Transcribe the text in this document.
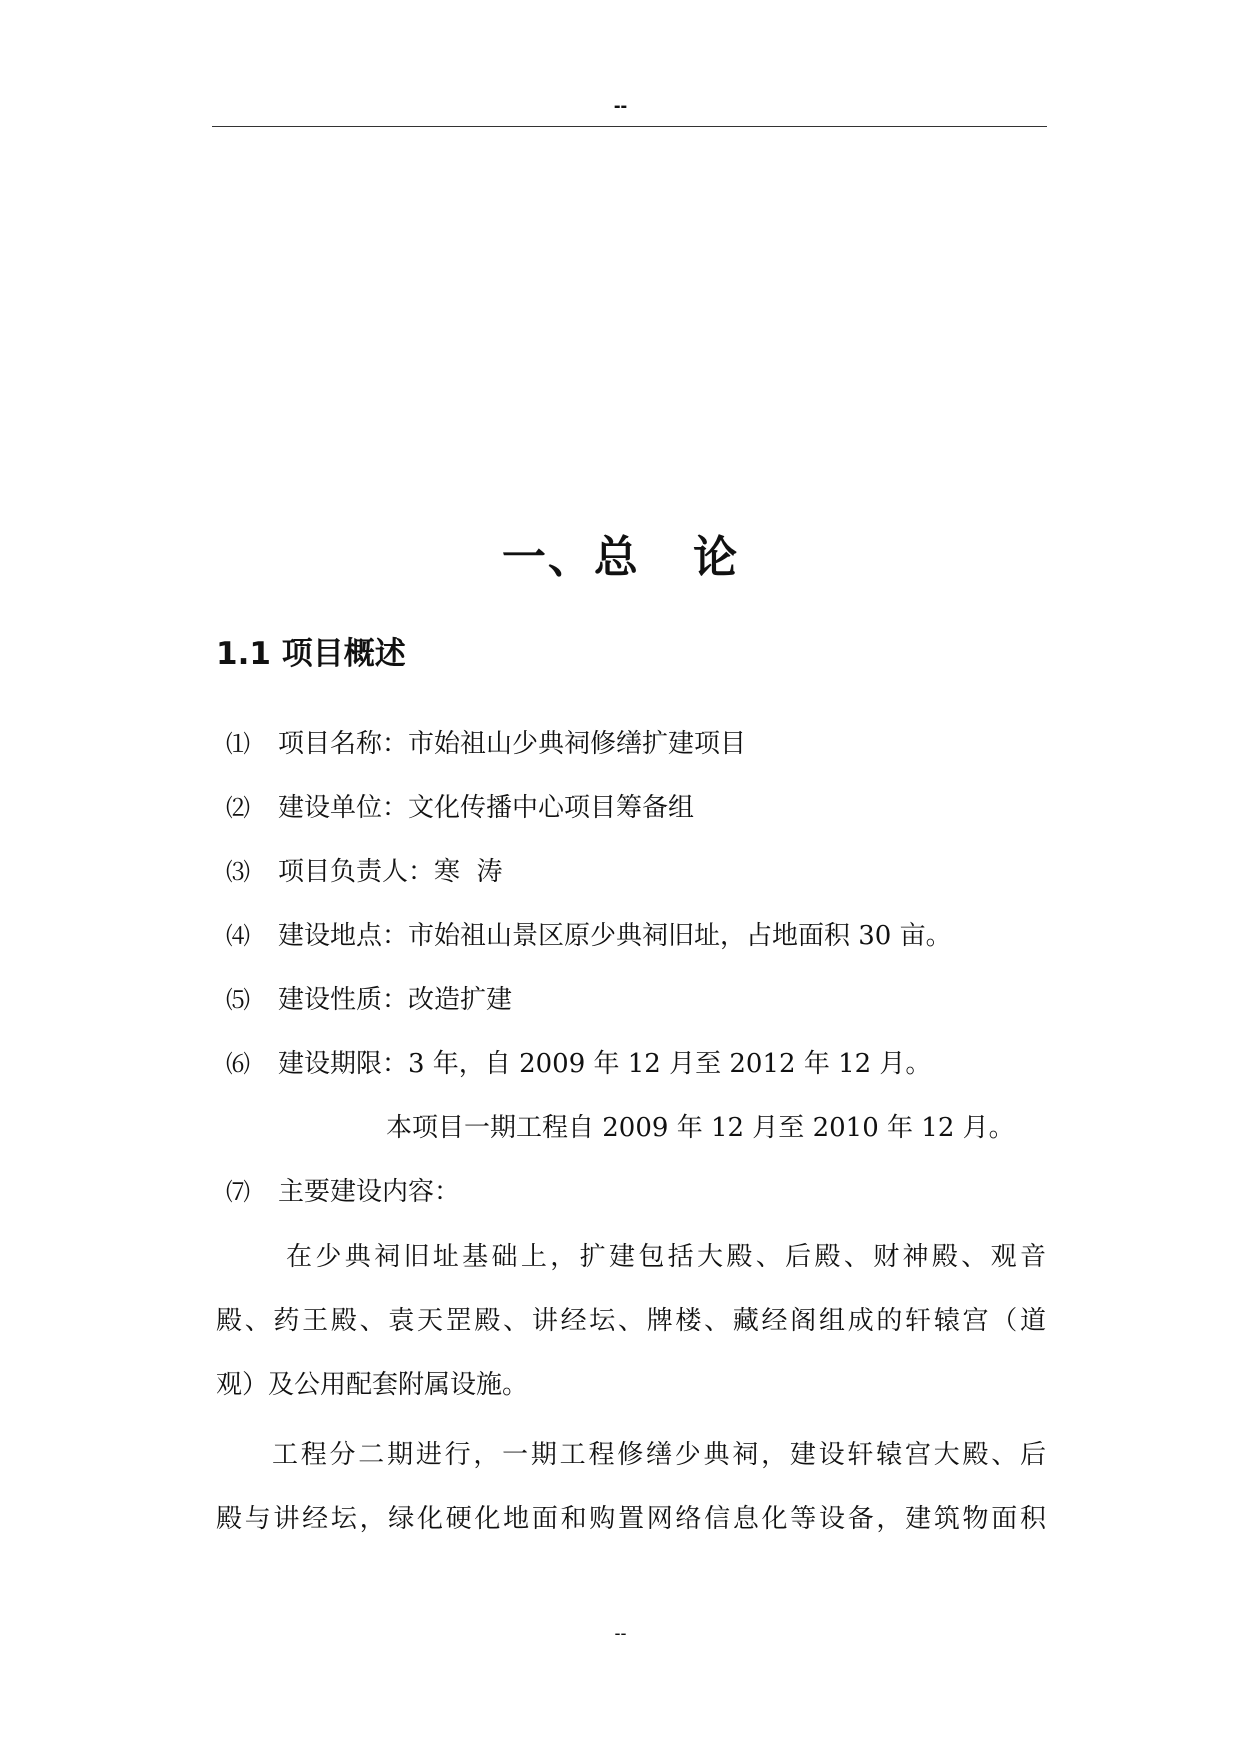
--
一、总 论
1.1 项目概述
⑴ 项目名称：市始祖山少典祠修缮扩建项目
⑵ 建设单位：文化传播中心项目筹备组
⑶ 项目负责人：寒  涛
⑷ 建设地点：市始祖山景区原少典祠旧址，占地面积 30 亩。
⑸ 建设性质：改造扩建
⑹ 建设期限：3 年，自 2009 年 12 月至 2012 年 12 月。
本项目一期工程自 2009 年 12 月至 2010 年 12 月。
⑺ 主要建设内容：
在少典祠旧址基础上，扩建包括大殿、后殿、财神殿、观音
殿、药王殿、袁天罡殿、讲经坛、牌楼、藏经阁组成的轩辕宫（道
观）及公用配套附属设施。
工程分二期进行，一期工程修缮少典祠，建设轩辕宫大殿、后
殿与讲经坛，绿化硬化地面和购置网络信息化等设备，建筑物面积
--
